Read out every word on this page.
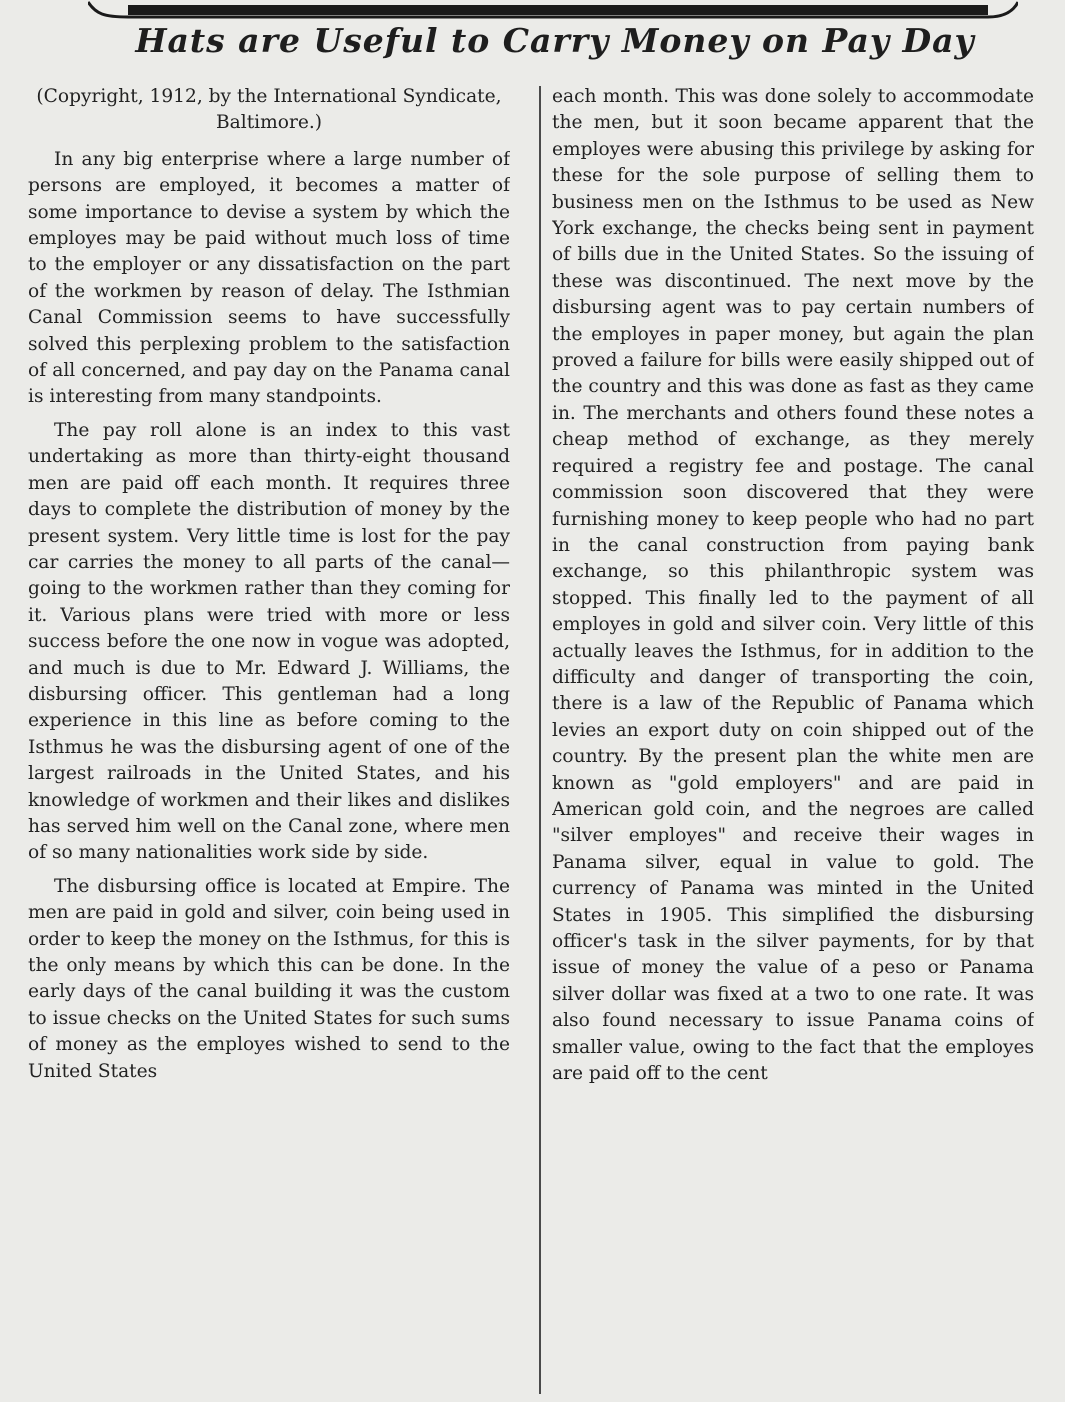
Hats are Useful to Carry Money on Pay Day

(Copyright, 1912, by the International Syndicate, Baltimore.)

In any big enterprise where a large number of persons are employed, it becomes a matter of some importance to devise a system by which the employes may be paid without much loss of time to the employer or any dissatisfaction on the part of the workmen by reason of delay. The Isthmian Canal Commission seems to have successfully solved this perplexing problem to the satisfaction of all concerned, and pay day on the Panama canal is interesting from many standpoints.

The pay roll alone is an index to this vast undertaking as more than thirty-eight thousand men are paid off each month. It requires three days to complete the distribution of money by the present system. Very little time is lost for the pay car carries the money to all parts of the canal—going to the workmen rather than they coming for it. Various plans were tried with more or less success before the one now in vogue was adopted, and much is due to Mr. Edward J. Williams, the disbursing officer. This gentleman had a long experience in this line as before coming to the Isthmus he was the disbursing agent of one of the largest railroads in the United States, and his knowledge of workmen and their likes and dislikes has served him well on the Canal zone, where men of so many nationalities work side by side.

The disbursing office is located at Empire. The men are paid in gold and silver, coin being used in order to keep the money on the Isthmus, for this is the only means by which this can be done. In the early days of the canal building it was the custom to issue checks on the United States for such sums of money as the employes wished to send to the United States

each month. This was done solely to accommodate the men, but it soon became apparent that the employes were abusing this privilege by asking for these for the sole purpose of selling them to business men on the Isthmus to be used as New York exchange, the checks being sent in payment of bills due in the United States. So the issuing of these was discontinued. The next move by the disbursing agent was to pay certain numbers of the employes in paper money, but again the plan proved a failure for bills were easily shipped out of the country and this was done as fast as they came in. The merchants and others found these notes a cheap method of exchange, as they merely required a registry fee and postage. The canal commission soon discovered that they were furnishing money to keep people who had no part in the canal construction from paying bank exchange, so this philanthropic system was stopped. This finally led to the payment of all employes in gold and silver coin. Very little of this actually leaves the Isthmus, for in addition to the difficulty and danger of transporting the coin, there is a law of the Republic of Panama which levies an export duty on coin shipped out of the country. By the present plan the white men are known as "gold employers" and are paid in American gold coin, and the negroes are called "silver employes" and receive their wages in Panama silver, equal in value to gold. The currency of Panama was minted in the United States in 1905. This simplified the disbursing officer's task in the silver payments, for by that issue of money the value of a peso or Panama silver dollar was fixed at a two to one rate. It was also found necessary to issue Panama coins of smaller value, owing to the fact that the employes are paid off to the cent
